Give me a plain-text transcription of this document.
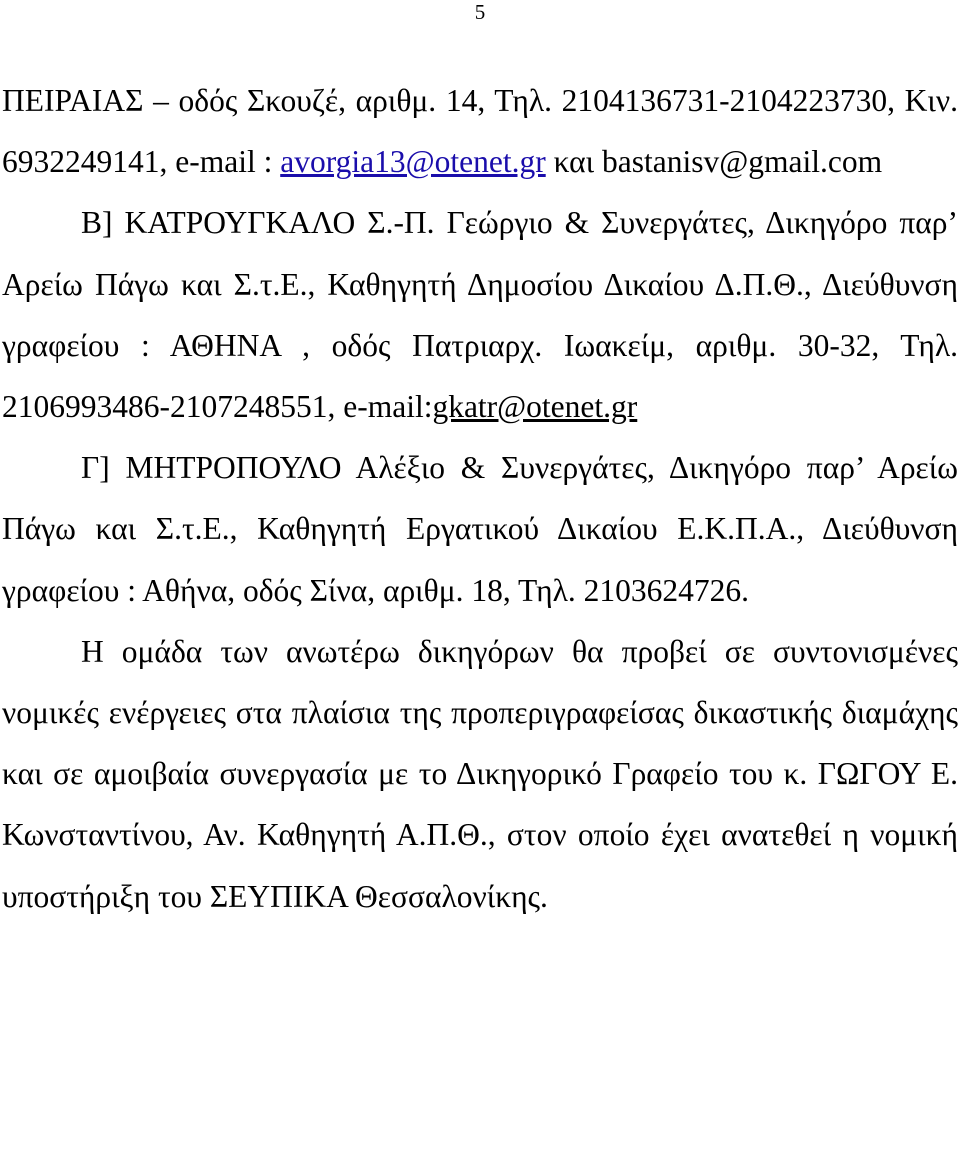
5

ΠΕΙΡΑΙΑΣ – οδός Σκουζέ, αριθμ. 14, Τηλ. 2104136731-2104223730, Κιν. 6932249141, e-mail : avorgia13@otenet.gr και bastanisv@gmail.com

Β] ΚΑΤΡΟΥΓΚΑΛΟ Σ.-Π. Γεώργιο & Συνεργάτες, Δικηγόρο παρ’ Αρείω Πάγω και Σ.τ.Ε., Καθηγητή Δημοσίου Δικαίου Δ.Π.Θ., Διεύθυνση γραφείου : ΑΘΗΝΑ , οδός Πατριαρχ. Ιωακείμ, αριθμ. 30-32, Τηλ. 2106993486-2107248551, e-mail:gkatr@otenet.gr

Γ] ΜΗΤΡΟΠΟΥΛΟ Αλέξιο & Συνεργάτες, Δικηγόρο παρ’ Αρείω Πάγω και Σ.τ.Ε., Καθηγητή Εργατικού Δικαίου Ε.Κ.Π.Α., Διεύθυνση γραφείου : Αθήνα, οδός Σίνα, αριθμ. 18, Τηλ. 2103624726.

Η ομάδα των ανωτέρω δικηγόρων θα προβεί σε συντονισμένες νομικές ενέργειες στα πλαίσια της προπεριγραφείσας δικαστικής διαμάχης και σε αμοιβαία συνεργασία με το Δικηγορικό Γραφείο του κ. ΓΩΓΟΥ Ε. Κωνσταντίνου, Αν. Καθηγητή Α.Π.Θ., στον οποίο έχει ανατεθεί η νομική υποστήριξη του ΣΕΥΠΙΚΑ Θεσσαλονίκης.
